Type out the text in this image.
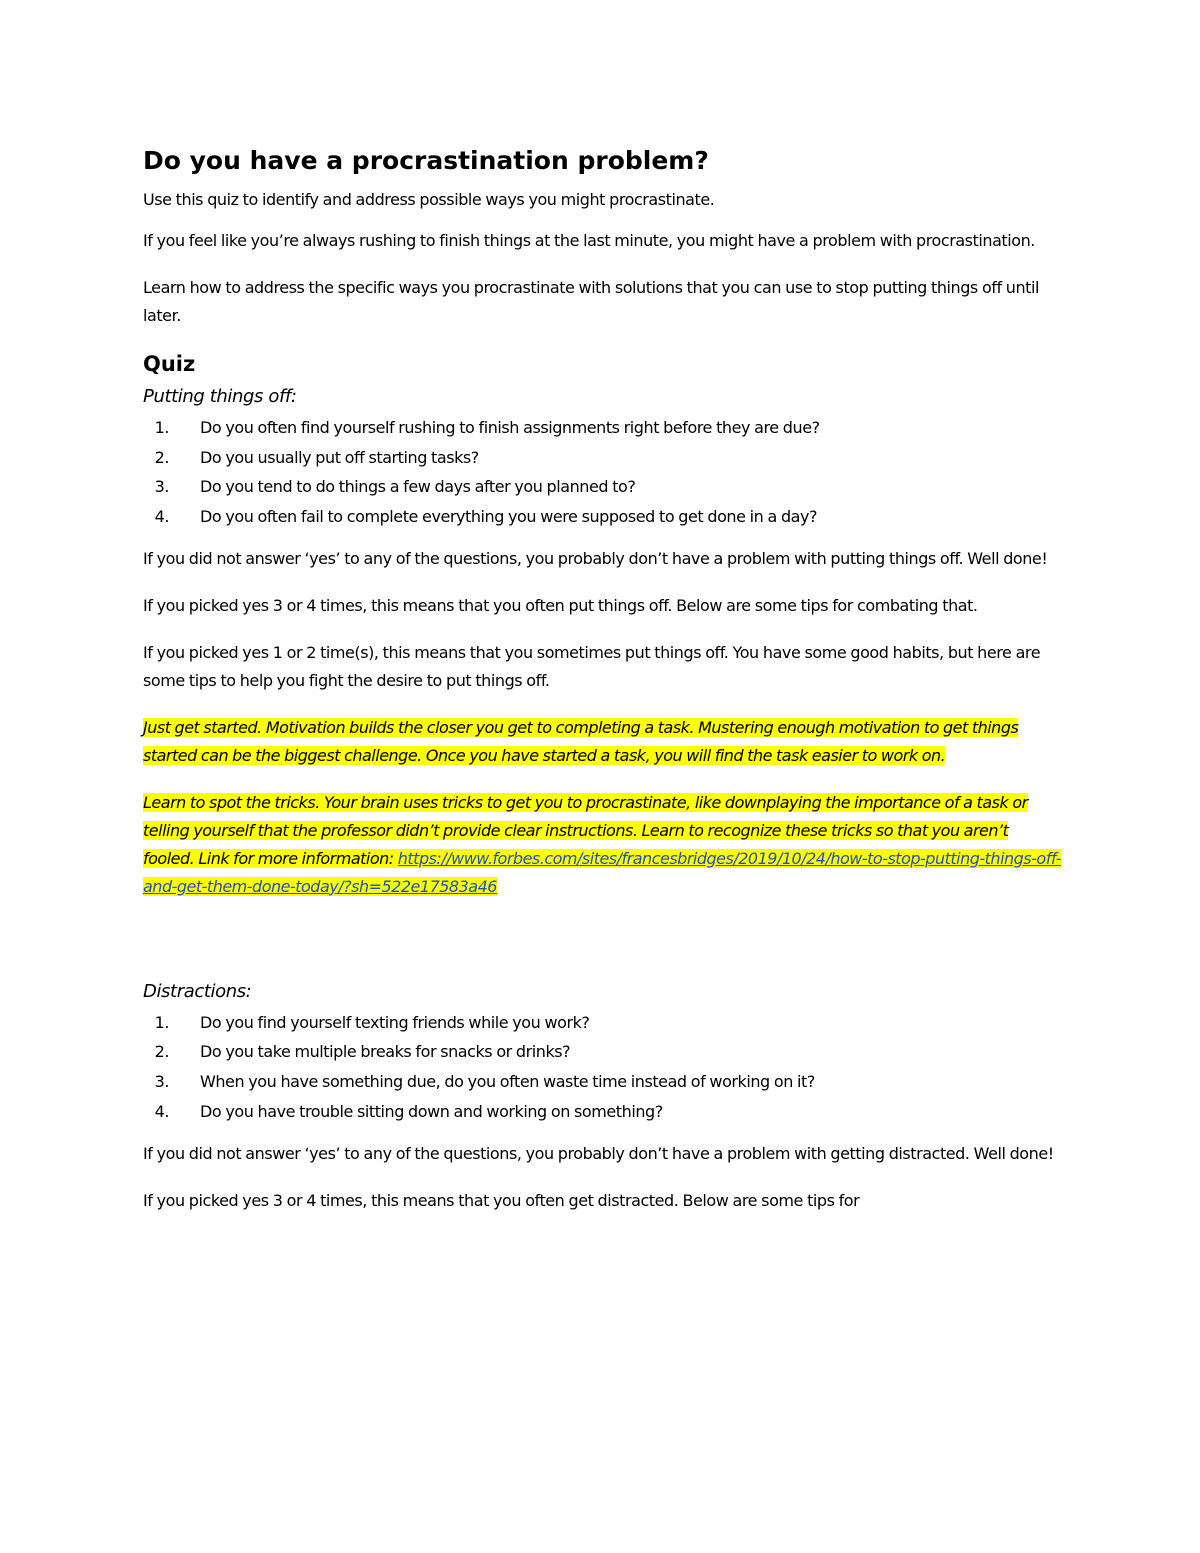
Do you have a procrastination problem?

Use this quiz to identify and address possible ways you might procrastinate.

If you feel like you’re always rushing to finish things at the last minute, you might have a problem with procrastination.

Learn how to address the specific ways you procrastinate with solutions that you can use to stop putting things off until later.

Quiz
Putting things off:
1. Do you often find yourself rushing to finish assignments right before they are due?
2. Do you usually put off starting tasks?
3. Do you tend to do things a few days after you planned to?
4. Do you often fail to complete everything you were supposed to get done in a day?

If you did not answer ‘yes’ to any of the questions, you probably don’t have a problem with putting things off. Well done!

If you picked yes 3 or 4 times, this means that you often put things off. Below are some tips for combating that.

If you picked yes 1 or 2 time(s), this means that you sometimes put things off. You have some good habits, but here are some tips to help you fight the desire to put things off.

Just get started. Motivation builds the closer you get to completing a task. Mustering enough motivation to get things started can be the biggest challenge. Once you have started a task, you will find the task easier to work on.

Learn to spot the tricks. Your brain uses tricks to get you to procrastinate, like downplaying the importance of a task or telling yourself that the professor didn’t provide clear instructions. Learn to recognize these tricks so that you aren’t fooled. Link for more information: https://www.forbes.com/sites/francesbridges/2019/10/24/how-to-stop-putting-things-off-and-get-them-done-today/?sh=522e17583a46

Distractions:
1. Do you find yourself texting friends while you work?
2. Do you take multiple breaks for snacks or drinks?
3. When you have something due, do you often waste time instead of working on it?
4. Do you have trouble sitting down and working on something?

If you did not answer ‘yes’ to any of the questions, you probably don’t have a problem with getting distracted. Well done!

If you picked yes 3 or 4 times, this means that you often get distracted. Below are some tips for
